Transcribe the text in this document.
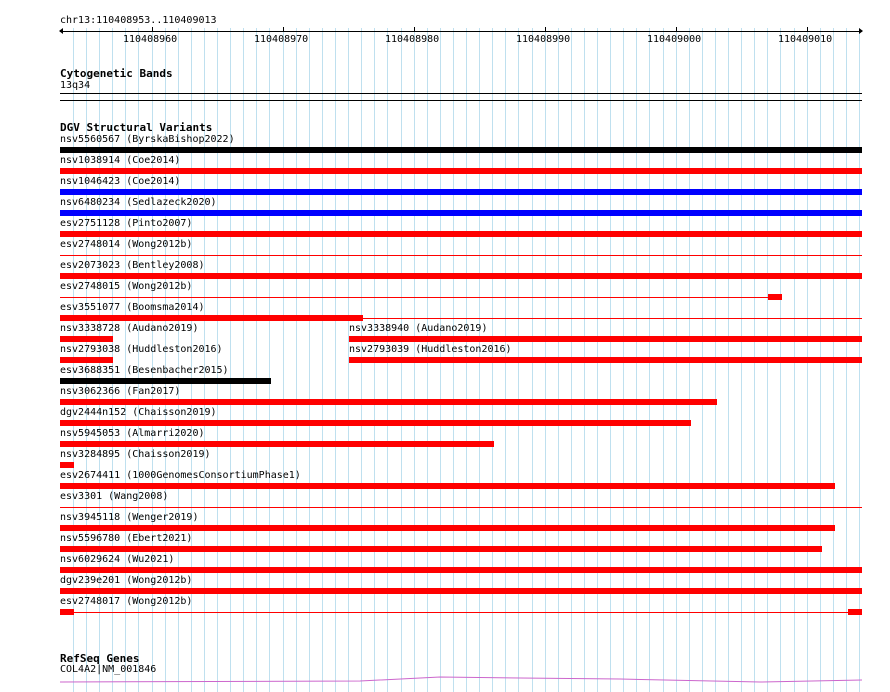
chr13:110408953..110409013
110408960	110408970	110408980	110408990	110409000	110409010
Cytogenetic Bands
13q34
DGV Structural Variants
nsv5560567 (ByrskaBishop2022)
nsv1038914 (Coe2014)
nsv1046423 (Coe2014)
nsv6480234 (Sedlazeck2020)
esv2751128 (Pinto2007)
esv2748014 (Wong2012b)
esv2073023 (Bentley2008)
esv2748015 (Wong2012b)
esv3551077 (Boomsma2014)
nsv3338728 (Audano2019)	nsv3338940 (Audano2019)
nsv2793038 (Huddleston2016)	nsv2793039 (Huddleston2016)
esv3688351 (Besenbacher2015)
nsv3062366 (Fan2017)
dgv2444n152 (Chaisson2019)
nsv5945053 (Almarri2020)
nsv3284895 (Chaisson2019)
esv2674411 (1000GenomesConsortiumPhase1)
esv3301 (Wang2008)
nsv3945118 (Wenger2019)
nsv5596780 (Ebert2021)
nsv6029624 (Wu2021)
dgv239e201 (Wong2012b)
esv2748017 (Wong2012b)
RefSeq Genes
COL4A2|NM_001846
